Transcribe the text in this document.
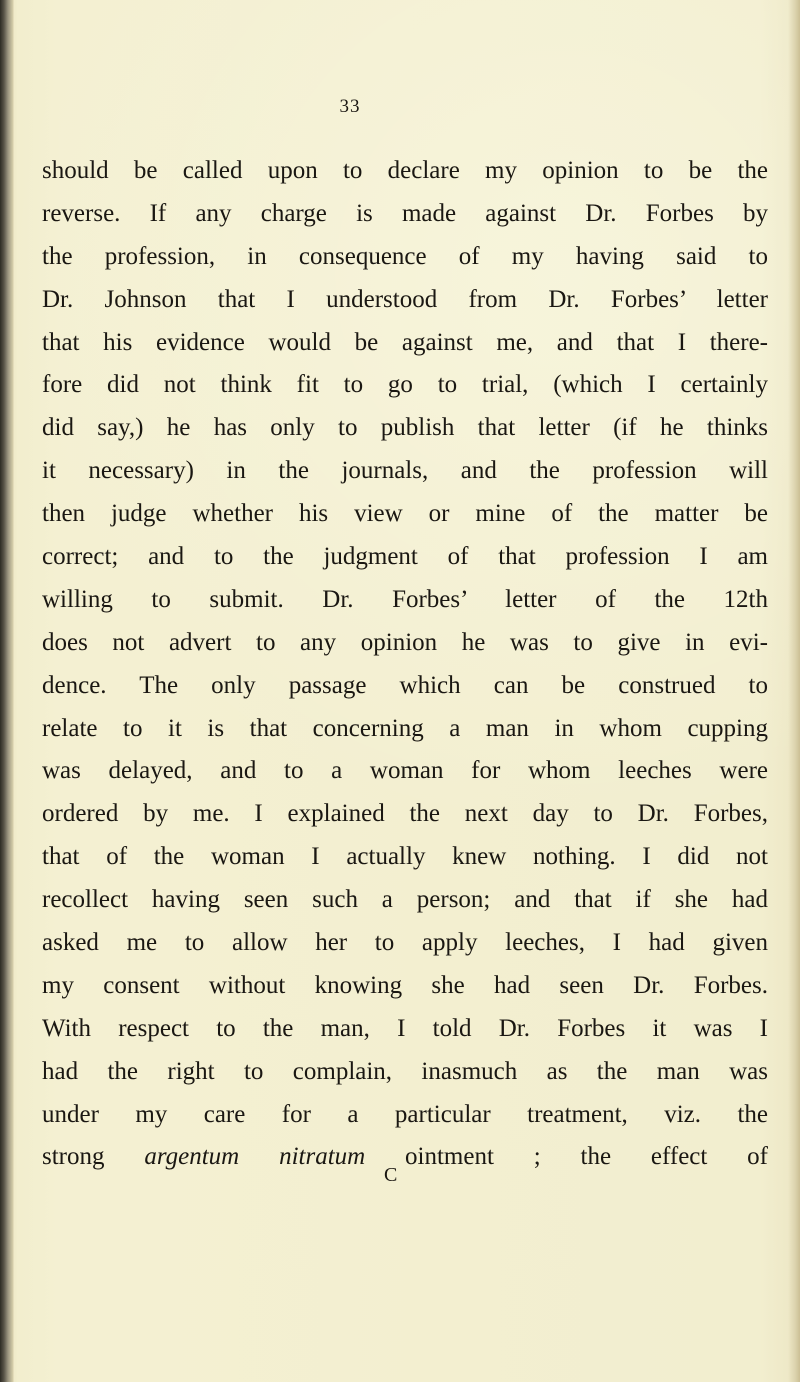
33
should be called upon to declare my opinion to be the
reverse. If any charge is made against Dr. Forbes by
the profession, in consequence of my having said to
Dr. Johnson that I understood from Dr. Forbes’ letter
that his evidence would be against me, and that I there-
fore did not think fit to go to trial, (which I certainly
did say,) he has only to publish that letter (if he thinks
it necessary) in the journals, and the profession will
then judge whether his view or mine of the matter be
correct; and to the judgment of that profession I am
willing to submit. Dr. Forbes’ letter of the 12th
does not advert to any opinion he was to give in evi-
dence. The only passage which can be construed to
relate to it is that concerning a man in whom cupping
was delayed, and to a woman for whom leeches were
ordered by me. I explained the next day to Dr. Forbes,
that of the woman I actually knew nothing. I did not
recollect having seen such a person; and that if she had
asked me to allow her to apply leeches, I had given
my consent without knowing she had seen Dr. Forbes.
With respect to the man, I told Dr. Forbes it was I
had the right to complain, inasmuch as the man was
under my care for a particular treatment, viz. the
strong argentum nitratum ointment ; the effect of
C
